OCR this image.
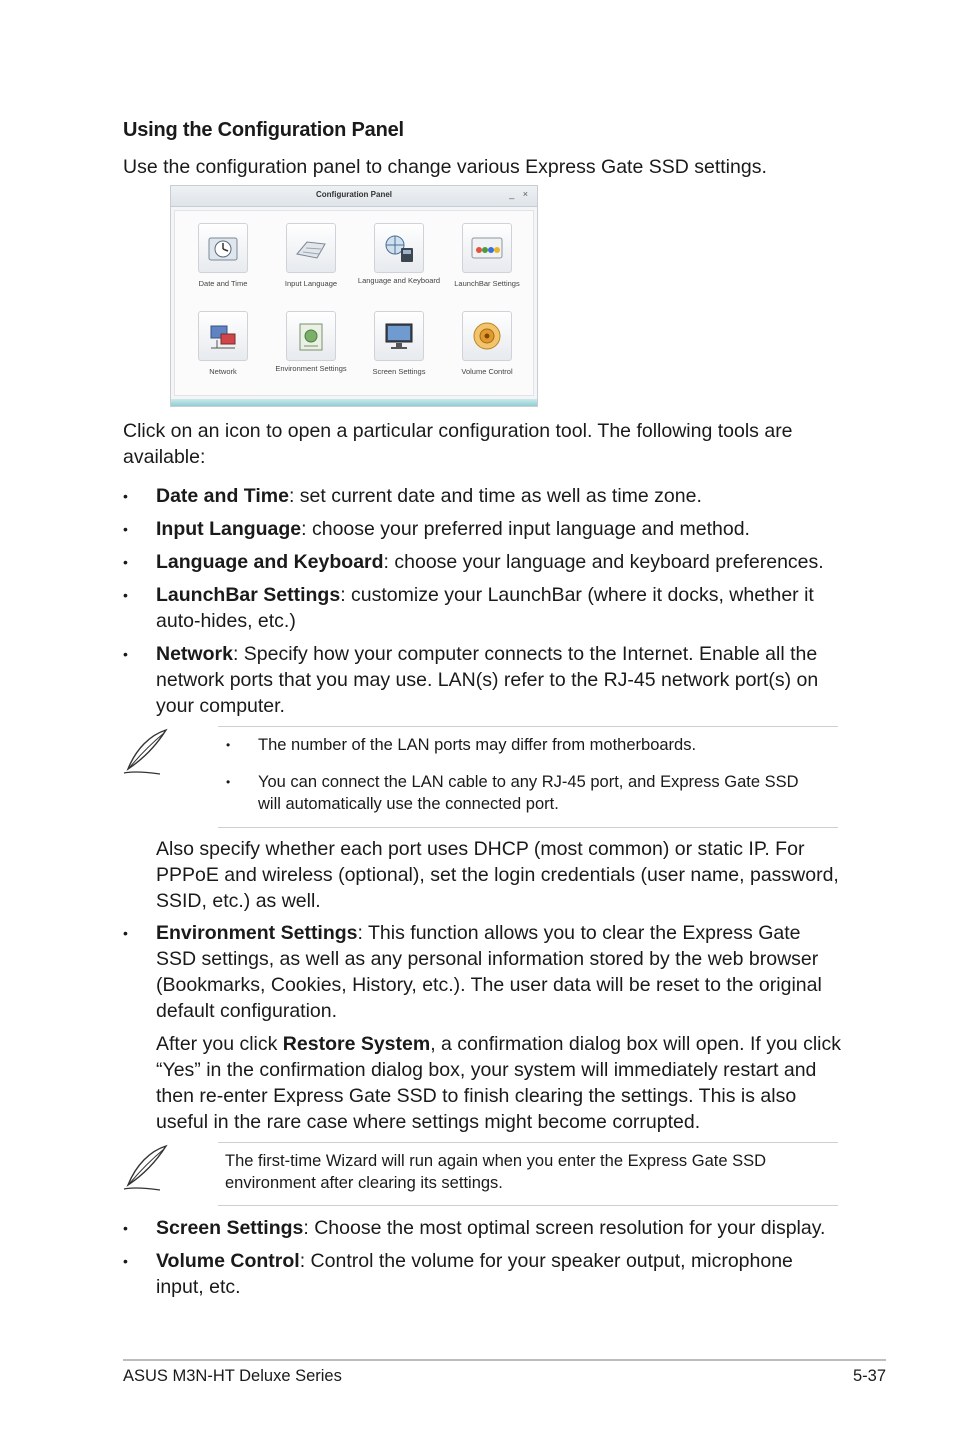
Using the Configuration Panel

Use the configuration panel to change various Express Gate SSD settings.

Configuration Panel	_ ×
Date and Time	Input Language	Language and Keyboard	LaunchBar Settings
Network	Environment Settings	Screen Settings	Volume Control

Click on an icon to open a particular configuration tool. The following tools are available:

• Date and Time: set current date and time as well as time zone.
• Input Language: choose your preferred input language and method.
• Language and Keyboard: choose your language and keyboard preferences.
• LaunchBar Settings: customize your LaunchBar (where it docks, whether it auto-hides, etc.)
• Network: Specify how your computer connects to the Internet. Enable all the network ports that you may use. LAN(s) refer to the RJ-45 network port(s) on your computer.
• The number of the LAN ports may differ from motherboards.
• You can connect the LAN cable to any RJ-45 port, and Express Gate SSD will automatically use the connected port.
Also specify whether each port uses DHCP (most common) or static IP. For PPPoE and wireless (optional), set the login credentials (user name, password, SSID, etc.) as well.
• Environment Settings: This function allows you to clear the Express Gate SSD settings, as well as any personal information stored by the web browser (Bookmarks, Cookies, History, etc.). The user data will be reset to the original default configuration.
After you click Restore System, a confirmation dialog box will open. If you click “Yes” in the confirmation dialog box, your system will immediately restart and then re-enter Express Gate SSD to finish clearing the settings. This is also useful in the rare case where settings might become corrupted.
The first-time Wizard will run again when you enter the Express Gate SSD environment after clearing its settings.
• Screen Settings: Choose the most optimal screen resolution for your display.
• Volume Control: Control the volume for your speaker output, microphone input, etc.
ASUS M3N-HT Deluxe Series	5-37
